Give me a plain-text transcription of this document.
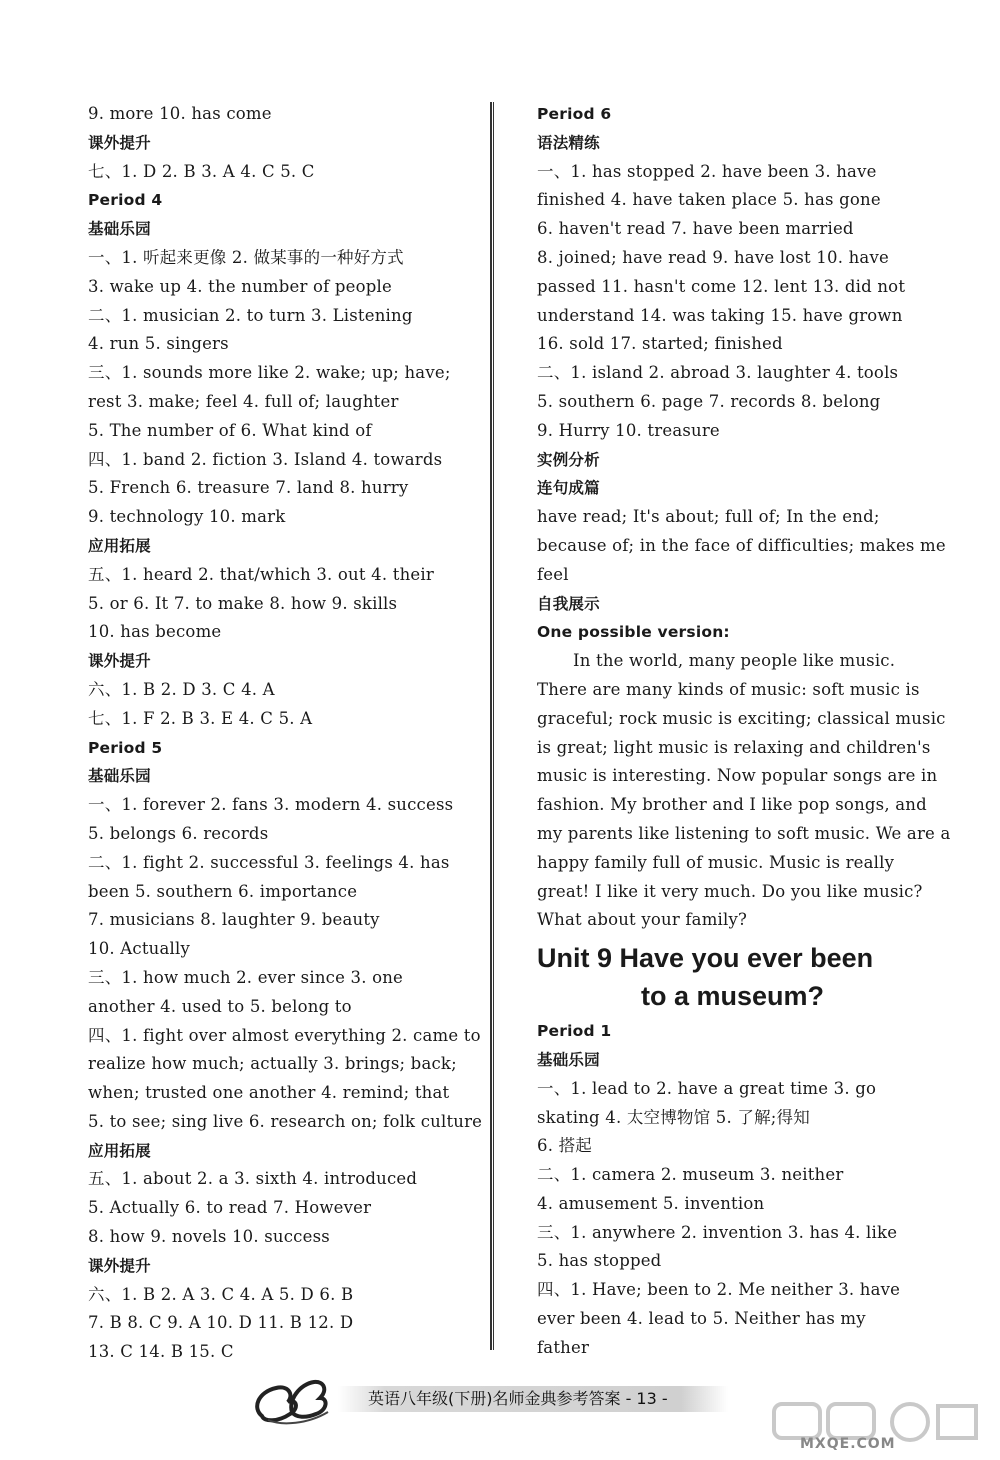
9. more 10. has come
课外提升
七、1. D 2. B 3. A 4. C 5. C
Period 4
基础乐园
一、1. 听起来更像 2. 做某事的一种好方式
3. wake up 4. the number of people
二、1. musician 2. to turn 3. Listening
4. run 5. singers
三、1. sounds more like 2. wake; up; have;
rest 3. make; feel 4. full of; laughter
5. The number of 6. What kind of
四、1. band 2. fiction 3. Island 4. towards
5. French 6. treasure 7. land 8. hurry
9. technology 10. mark
应用拓展
五、1. heard 2. that/which 3. out 4. their
5. or 6. It 7. to make 8. how 9. skills
10. has become
课外提升
六、1. B 2. D 3. C 4. A
七、1. F 2. B 3. E 4. C 5. A
Period 5
基础乐园
一、1. forever 2. fans 3. modern 4. success
5. belongs 6. records
二、1. fight 2. successful 3. feelings 4. has
been 5. southern 6. importance
7. musicians 8. laughter 9. beauty
10. Actually
三、1. how much 2. ever since 3. one
another 4. used to 5. belong to
四、1. fight over almost everything 2. came to
realize how much; actually 3. brings; back;
when; trusted one another 4. remind; that
5. to see; sing live 6. research on; folk culture
应用拓展
五、1. about 2. a 3. sixth 4. introduced
5. Actually 6. to read 7. However
8. how 9. novels 10. success
课外提升
六、1. B 2. A 3. C 4. A 5. D 6. B
7. B 8. C 9. A 10. D 11. B 12. D
13. C 14. B 15. C
Period 6
语法精练
一、1. has stopped 2. have been 3. have
finished 4. have taken place 5. has gone
6. haven't read 7. have been married
8. joined; have read 9. have lost 10. have
passed 11. hasn't come 12. lent 13. did not
understand 14. was taking 15. have grown
16. sold 17. started; finished
二、1. island 2. abroad 3. laughter 4. tools
5. southern 6. page 7. records 8. belong
9. Hurry 10. treasure
实例分析
连句成篇
have read; It's about; full of; In the end;
because of; in the face of difficulties; makes me
feel
自我展示
One possible version:
In the world, many people like music.
There are many kinds of music: soft music is
graceful; rock music is exciting; classical music
is great; light music is relaxing and children's
music is interesting. Now popular songs are in
fashion. My brother and I like pop songs, and
my parents like listening to soft music. We are a
happy family full of music. Music is really
great! I like it very much. Do you like music?
What about your family?
Unit 9 Have you ever been
to a museum?
Period 1
基础乐园
一、1. lead to 2. have a great time 3. go
skating 4. 太空博物馆 5. 了解;得知
6. 搭起
二、1. camera 2. museum 3. neither
4. amusement 5. invention
三、1. anywhere 2. invention 3. has 4. like
5. has stopped
四、1. Have; been to 2. Me neither 3. have
ever been 4. lead to 5. Neither has my
father
英语八年级(下册)名师金典参考答案 - 13 -
MXQE.COM
